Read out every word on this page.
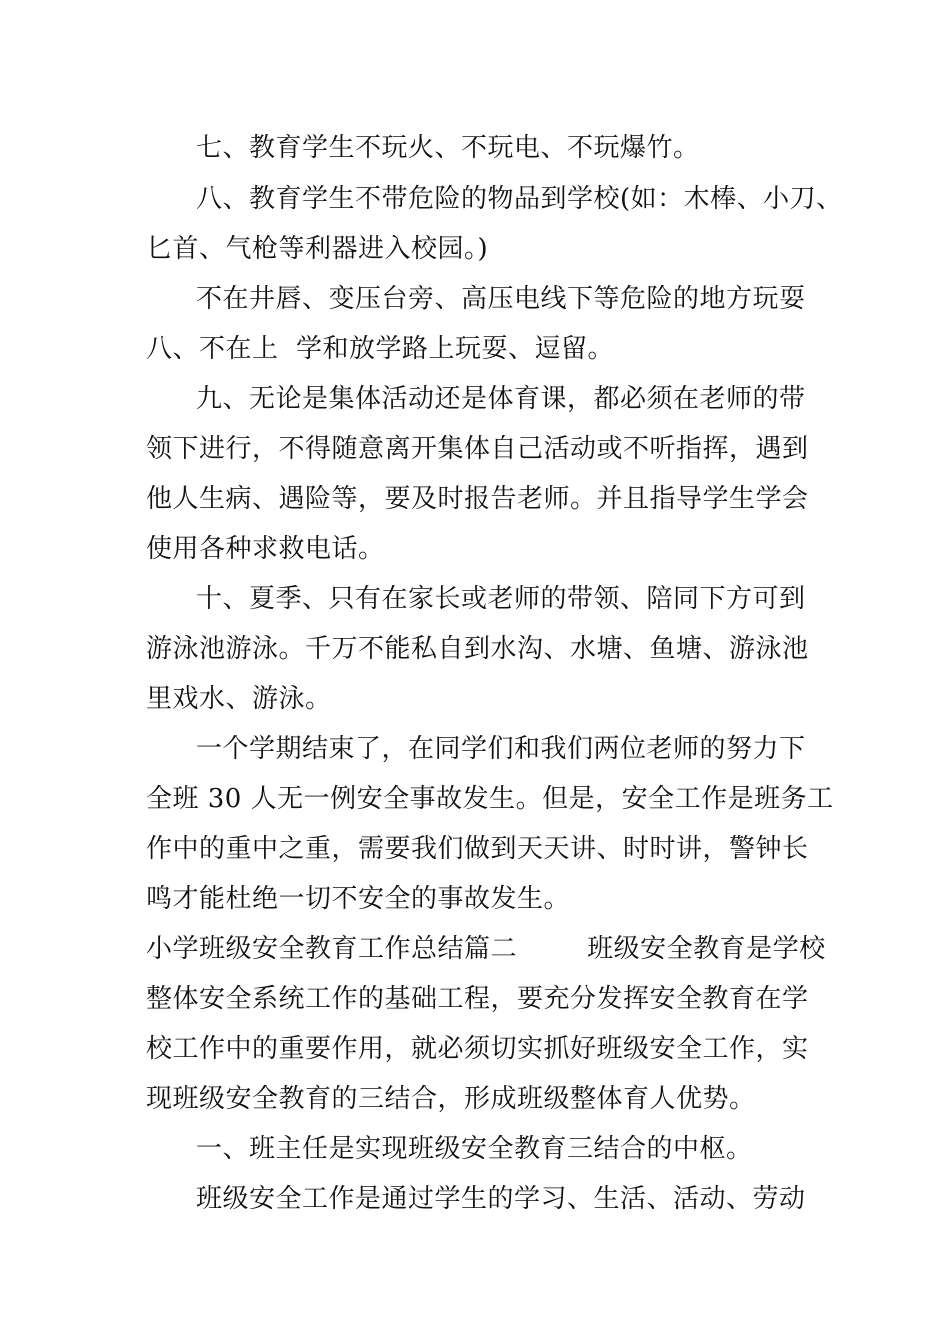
七、教育学生不玩火、不玩电、不玩爆竹。
八、教育学生不带危险的物品到学校(如：木棒、小刀、
匕首、气枪等利器进入校园。)
不在井唇、变压台旁、高压电线下等危险的地方玩耍
八、不在上  学和放学路上玩耍、逗留。
九、无论是集体活动还是体育课，都必须在老师的带
领下进行，不得随意离开集体自己活动或不听指挥，遇到
他人生病、遇险等，要及时报告老师。并且指导学生学会
使用各种求救电话。
十、夏季、只有在家长或老师的带领、陪同下方可到
游泳池游泳。千万不能私自到水沟、水塘、鱼塘、游泳池
里戏水、游泳。
一个学期结束了，在同学们和我们两位老师的努力下
全班 30 人无一例安全事故发生。但是，安全工作是班务工
作中的重中之重，需要我们做到天天讲、时时讲，警钟长
鸣才能杜绝一切不安全的事故发生。
小学班级安全教育工作总结篇二        班级安全教育是学校
整体安全系统工作的基础工程，要充分发挥安全教育在学
校工作中的重要作用，就必须切实抓好班级安全工作，实
现班级安全教育的三结合，形成班级整体育人优势。
一、班主任是实现班级安全教育三结合的中枢。
班级安全工作是通过学生的学习、生活、活动、劳动
